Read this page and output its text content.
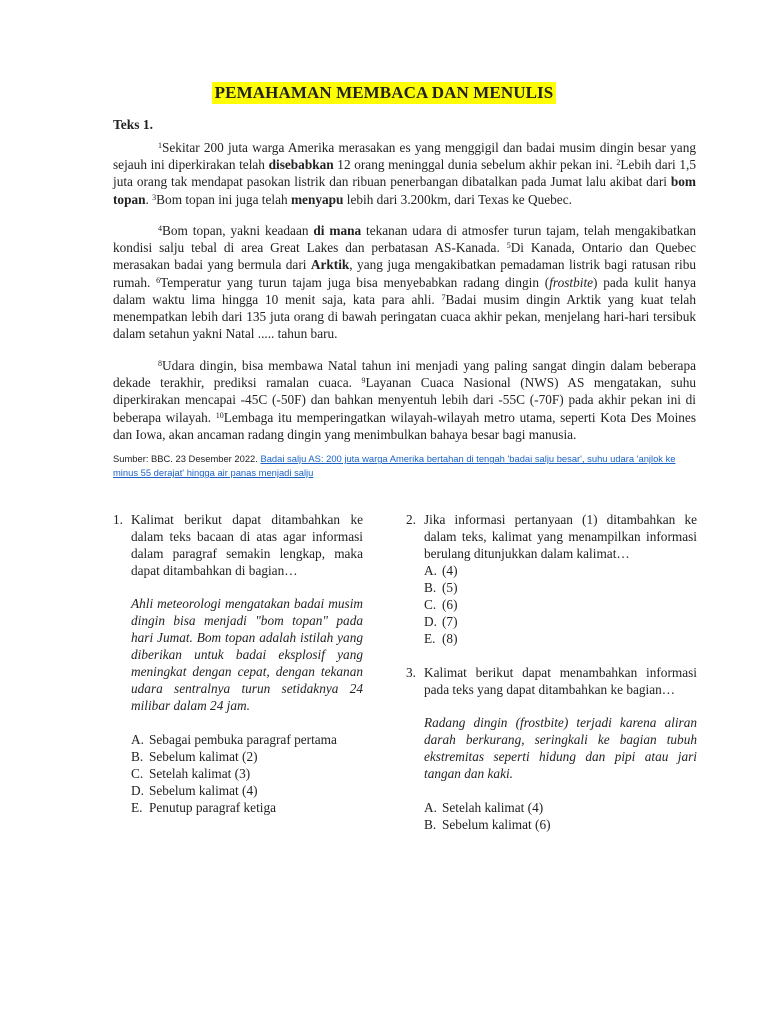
PEMAHAMAN MEMBACA DAN MENULIS
Teks 1.
$^1$Sekitar 200 juta warga Amerika merasakan es yang menggigil dan badai musim dingin besar yang sejauh ini diperkirakan telah disebabkan 12 orang meninggal dunia sebelum akhir pekan ini. $^2$Lebih dari 1,5 juta orang tak mendapat pasokan listrik dan ribuan penerbangan dibatalkan pada Jumat lalu akibat dari bom topan. $^3$Bom topan ini juga telah menyapu lebih dari 3.200km, dari Texas ke Quebec.
$^4$Bom topan, yakni keadaan di mana tekanan udara di atmosfer turun tajam, telah mengakibatkan kondisi salju tebal di area Great Lakes dan perbatasan AS-Kanada. $^5$Di Kanada, Ontario dan Quebec merasakan badai yang bermula dari Arktik, yang juga mengakibatkan pemadaman listrik bagi ratusan ribu rumah. $^6$Temperatur yang turun tajam juga bisa menyebabkan radang dingin (frostbite) pada kulit hanya dalam waktu lima hingga 10 menit saja, kata para ahli. $^7$Badai musim dingin Arktik yang kuat telah menempatkan lebih dari 135 juta orang di bawah peringatan cuaca akhir pekan, menjelang hari-hari tersibuk dalam setahun yakni Natal ..... tahun baru.
$^8$Udara dingin, bisa membawa Natal tahun ini menjadi yang paling sangat dingin dalam beberapa dekade terakhir, prediksi ramalan cuaca. $^9$Layanan Cuaca Nasional (NWS) AS mengatakan, suhu diperkirakan mencapai -45C (-50F) dan bahkan menyentuh lebih dari -55C (-70F) pada akhir pekan ini di beberapa wilayah. $^{10}$Lembaga itu memperingatkan wilayah-wilayah metro utama, seperti Kota Des Moines dan Iowa, akan ancaman radang dingin yang menimbulkan bahaya besar bagi manusia.
Sumber: BBC. 23 Desember 2022. Badai salju AS: 200 juta warga Amerika bertahan di tengah 'badai salju besar', suhu udara 'anjlok ke minus 55 derajat' hingga air panas menjadi salju
1. Kalimat berikut dapat ditambahkan ke dalam teks bacaan di atas agar informasi dalam paragraf semakin lengkap, maka dapat ditambahkan di bagian…
Ahli meteorologi mengatakan badai musim dingin bisa menjadi "bom topan" pada hari Jumat. Bom topan adalah istilah yang diberikan untuk badai eksplosif yang meningkat dengan cepat, dengan tekanan udara sentralnya turun setidaknya 24 milibar dalam 24 jam.
A. Sebagai pembuka paragraf pertama
B. Sebelum kalimat (2)
C. Setelah kalimat (3)
D. Sebelum kalimat (4)
E. Penutup paragraf ketiga
2. Jika informasi pertanyaan (1) ditambahkan ke dalam teks, kalimat yang menampilkan informasi berulang ditunjukkan dalam kalimat…
A. (4)
B. (5)
C. (6)
D. (7)
E. (8)
3. Kalimat berikut dapat menambahkan informasi pada teks yang dapat ditambahkan ke bagian…
Radang dingin (frostbite) terjadi karena aliran darah berkurang, seringkali ke bagian tubuh ekstremitas seperti hidung dan pipi atau jari tangan dan kaki.
A. Setelah kalimat (4)
B. Sebelum kalimat (6)
